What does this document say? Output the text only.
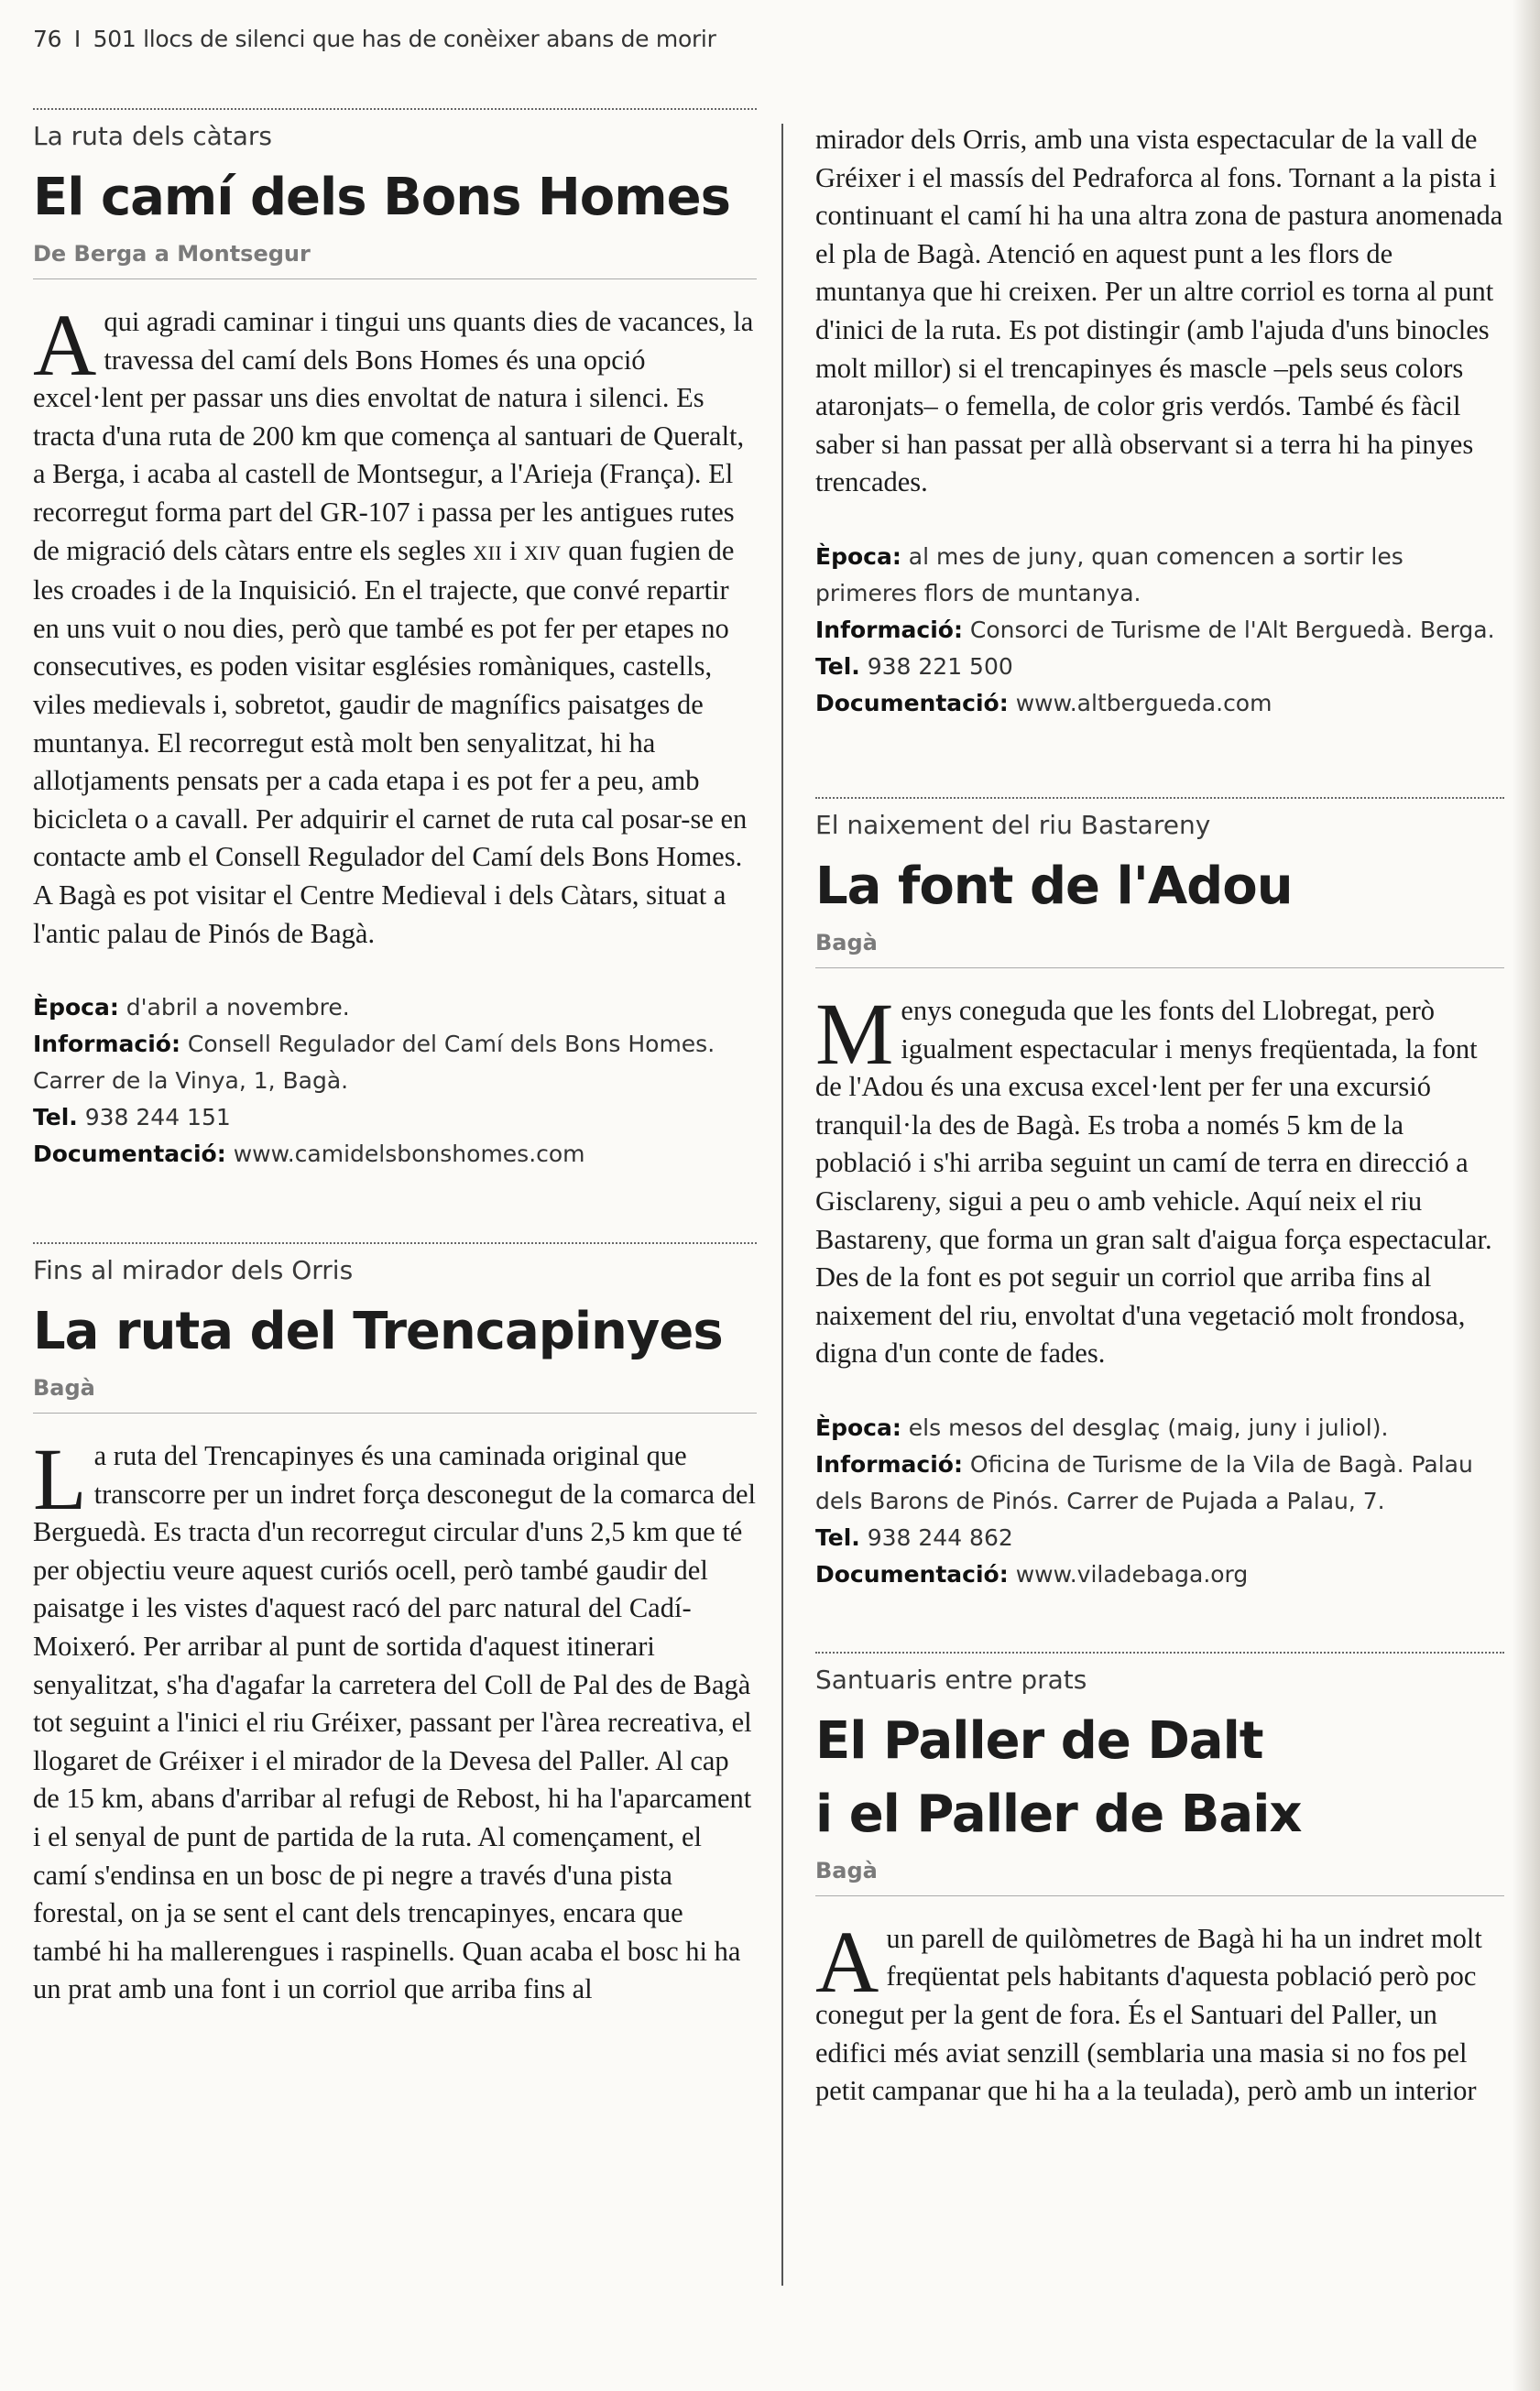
76 I 501 llocs de silenci que has de conèixer abans de morir
La ruta dels càtars
El camí dels Bons Homes
De Berga a Montsegur

Aqui agradi caminar i tingui uns quants dies de vacances, la travessa del camí dels Bons Homes és una opció excel·lent per passar uns dies envoltat de natura i silenci. Es tracta d'una ruta de 200 km que comença al santuari de Queralt, a Berga, i acaba al castell de Montsegur, a l'Arieja (França). El recorregut forma part del GR-107 i passa per les antigues rutes de migració dels càtars entre els segles XII i XIV quan fugien de les croades i de la Inquisició. En el trajecte, que convé repartir en uns vuit o nou dies, però que també es pot fer per etapes no consecutives, es poden visitar esglésies romàniques, castells, viles medievals i, sobretot, gaudir de magnífics paisatges de muntanya. El recorregut està molt ben senyalitzat, hi ha allotjaments pensats per a cada etapa i es pot fer a peu, amb bicicleta o a cavall. Per adquirir el carnet de ruta cal posar-se en contacte amb el Consell Regulador del Camí dels Bons Homes. A Bagà es pot visitar el Centre Medieval i dels Càtars, situat a l'antic palau de Pinós de Bagà.

Època: d'abril a novembre.

Informació: Consell Regulador del Camí dels Bons Homes. Carrer de la Vinya, 1, Bagà.

Tel. 938 244 151

Documentació: www.camidelsbonshomes.com

Fins al mirador dels Orris
La ruta del Trencapinyes
Bagà

La ruta del Trencapinyes és una caminada original que transcorre per un indret força desconegut de la comarca del Berguedà. Es tracta d'un recorregut circular d'uns 2,5 km que té per objectiu veure aquest curiós ocell, però també gaudir del paisatge i les vistes d'aquest racó del parc natural del Cadí-Moixeró. Per arribar al punt de sortida d'aquest itinerari senyalitzat, s'ha d'agafar la carretera del Coll de Pal des de Bagà tot seguint a l'inici el riu Gréixer, passant per l'àrea recreativa, el llogaret de Gréixer i el mirador de la Devesa del Paller. Al cap de 15 km, abans d'arribar al refugi de Rebost, hi ha l'aparcament i el senyal de punt de partida de la ruta. Al començament, el camí s'endinsa en un bosc de pi negre a través d'una pista forestal, on ja se sent el cant dels trencapinyes, encara que també hi ha mallerengues i raspinells. Quan acaba el bosc hi ha un prat amb una font i un corriol que arriba fins al

mirador dels Orris, amb una vista espectacular de la vall de Gréixer i el massís del Pedraforca al fons. Tornant a la pista i continuant el camí hi ha una altra zona de pastura anomenada el pla de Bagà. Atenció en aquest punt a les flors de muntanya que hi creixen. Per un altre corriol es torna al punt d'inici de la ruta. Es pot distingir (amb l'ajuda d'uns binocles molt millor) si el trencapinyes és mascle –pels seus colors ataronjats– o femella, de color gris verdós. També és fàcil saber si han passat per allà observant si a terra hi ha pinyes trencades.

Època: al mes de juny, quan comencen a sortir les primeres flors de muntanya.

Informació: Consorci de Turisme de l'Alt Berguedà. Berga.

Tel. 938 221 500

Documentació: www.altbergueda.com

El naixement del riu Bastareny
La font de l'Adou
Bagà

Menys coneguda que les fonts del Llobregat, però igualment espectacular i menys freqüentada, la font de l'Adou és una excusa excel·lent per fer una excursió tranquil·la des de Bagà. Es troba a només 5 km de la població i s'hi arriba seguint un camí de terra en direcció a Gisclareny, sigui a peu o amb vehicle. Aquí neix el riu Bastareny, que forma un gran salt d'aigua força espectacular. Des de la font es pot seguir un corriol que arriba fins al naixement del riu, envoltat d'una vegetació molt frondosa, digna d'un conte de fades.

Època: els mesos del desglaç (maig, juny i juliol).

Informació: Oficina de Turisme de la Vila de Bagà. Palau dels Barons de Pinós. Carrer de Pujada a Palau, 7.

Tel. 938 244 862

Documentació: www.viladebaga.org

Santuaris entre prats
El Paller de Dalt
i el Paller de Baix
Bagà

Aun parell de quilòmetres de Bagà hi ha un indret molt freqüentat pels habitants d'aquesta població però poc conegut per la gent de fora. És el Santuari del Paller, un edifici més aviat senzill (semblaria una masia si no fos pel petit campanar que hi ha a la teulada), però amb un interior
